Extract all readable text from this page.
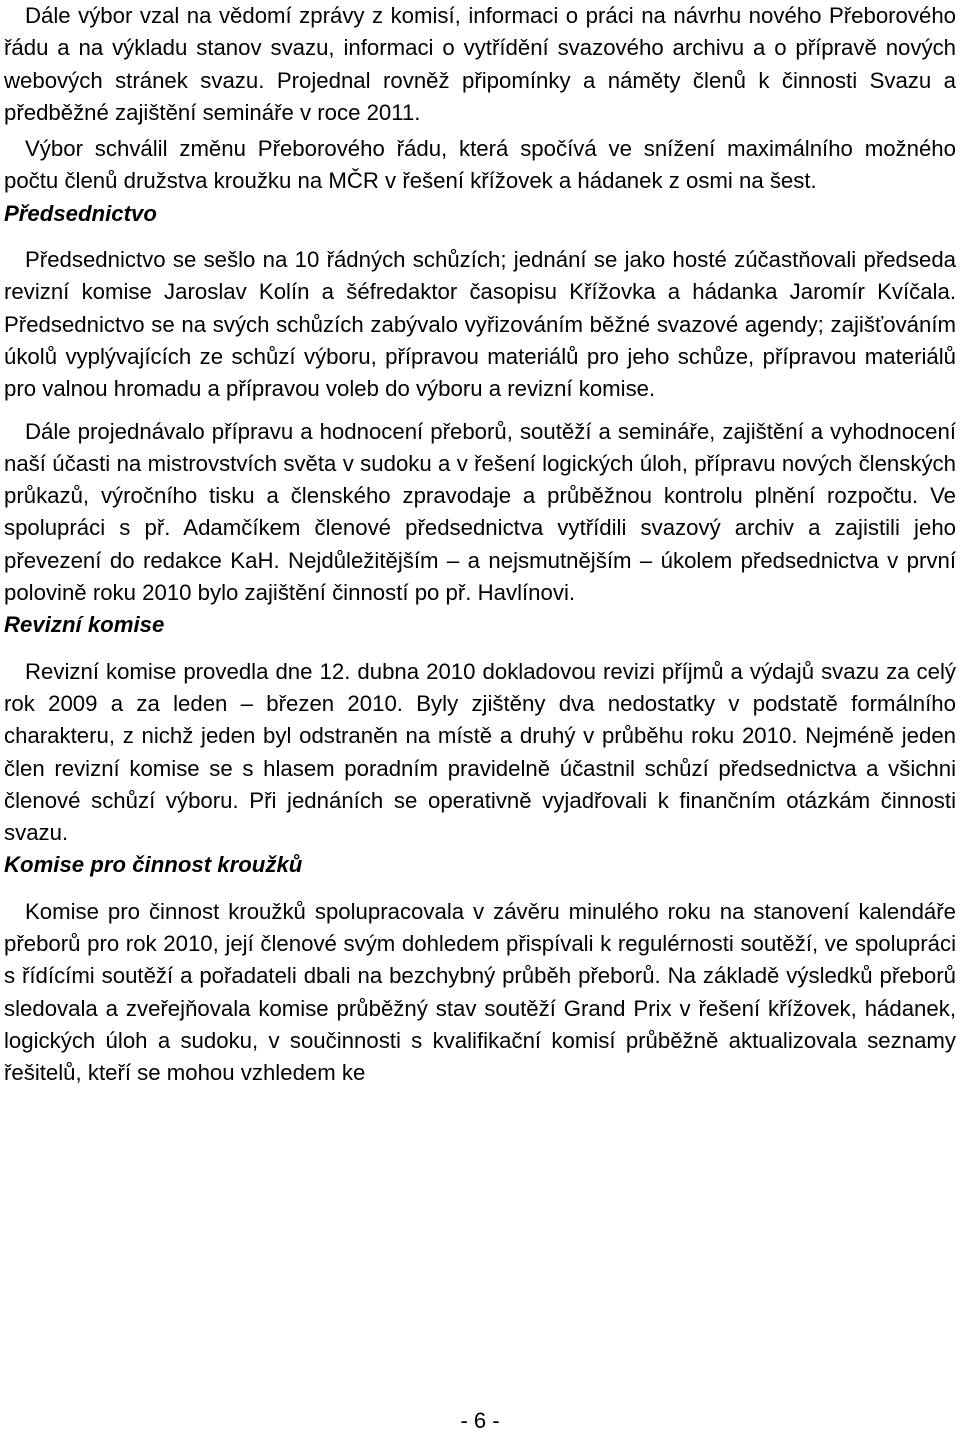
Dále výbor vzal na vědomí zprávy z komisí, informaci o práci na návrhu nového Přeborového řádu a na výkladu stanov svazu, informaci o vytřídění svazového archivu a o přípravě nových webových stránek svazu. Projednal rovněž připomínky a náměty členů k činnosti Svazu a předběžné zajištění semináře v roce 2011.

Výbor schválil změnu Přeborového řádu, která spočívá ve snížení maximálního možného počtu členů družstva kroužku na MČR v řešení křížovek a hádanek z osmi na šest.

Předsednictvo

Předsednictvo se sešlo na 10 řádných schůzích; jednání se jako hosté zúčastňovali předseda revizní komise Jaroslav Kolín a šéfredaktor časopisu Křížovka a hádanka Jaromír Kvíčala. Předsednictvo se na svých schůzích zabývalo vyřizováním běžné svazové agendy; zajišťováním úkolů vyplývajících ze schůzí výboru, přípravou materiálů pro jeho schůze, přípravou materiálů pro valnou hromadu a přípravou voleb do výboru a revizní komise.

Dále projednávalo přípravu a hodnocení přeborů, soutěží a semináře, zajištění a vyhodnocení naší účasti na mistrovstvích světa v sudoku a v řešení logických úloh, přípravu nových členských průkazů, výročního tisku a členského zpravodaje a průběžnou kontrolu plnění rozpočtu. Ve spolupráci s př. Adamčíkem členové předsednictva vytřídili svazový archiv a zajistili jeho převezení do redakce KaH. Nejdůležitějším – a nejsmutnějším – úkolem předsednictva v první polovině roku 2010 bylo zajištění činností po př. Havlínovi.

Revizní komise

Revizní komise provedla dne 12. dubna 2010 dokladovou revizi příjmů a výdajů svazu za celý rok 2009 a za leden – březen 2010. Byly zjištěny dva nedostatky v podstatě formálního charakteru, z nichž jeden byl odstraněn na místě a druhý v průběhu roku 2010. Nejméně jeden člen revizní komise se s hlasem poradním pravidelně účastnil schůzí předsednictva a všichni členové schůzí výboru. Při jednáních se operativně vyjadřovali k finančním otázkám činnosti svazu.

Komise pro činnost kroužků

Komise pro činnost kroužků spolupracovala v závěru minulého roku na stanovení kalendáře přeborů pro rok 2010, její členové svým dohledem přispívali k regulérnosti soutěží, ve spolupráci s řídícími soutěží a pořadateli dbali na bezchybný průběh přeborů. Na základě výsledků přeborů sledovala a zveřejňovala komise průběžný stav soutěží Grand Prix v řešení křížovek, hádanek, logických úloh a sudoku, v součinnosti s kvalifikační komisí průběžně aktualizovala seznamy řešitelů, kteří se mohou vzhledem ke

- 6 -
